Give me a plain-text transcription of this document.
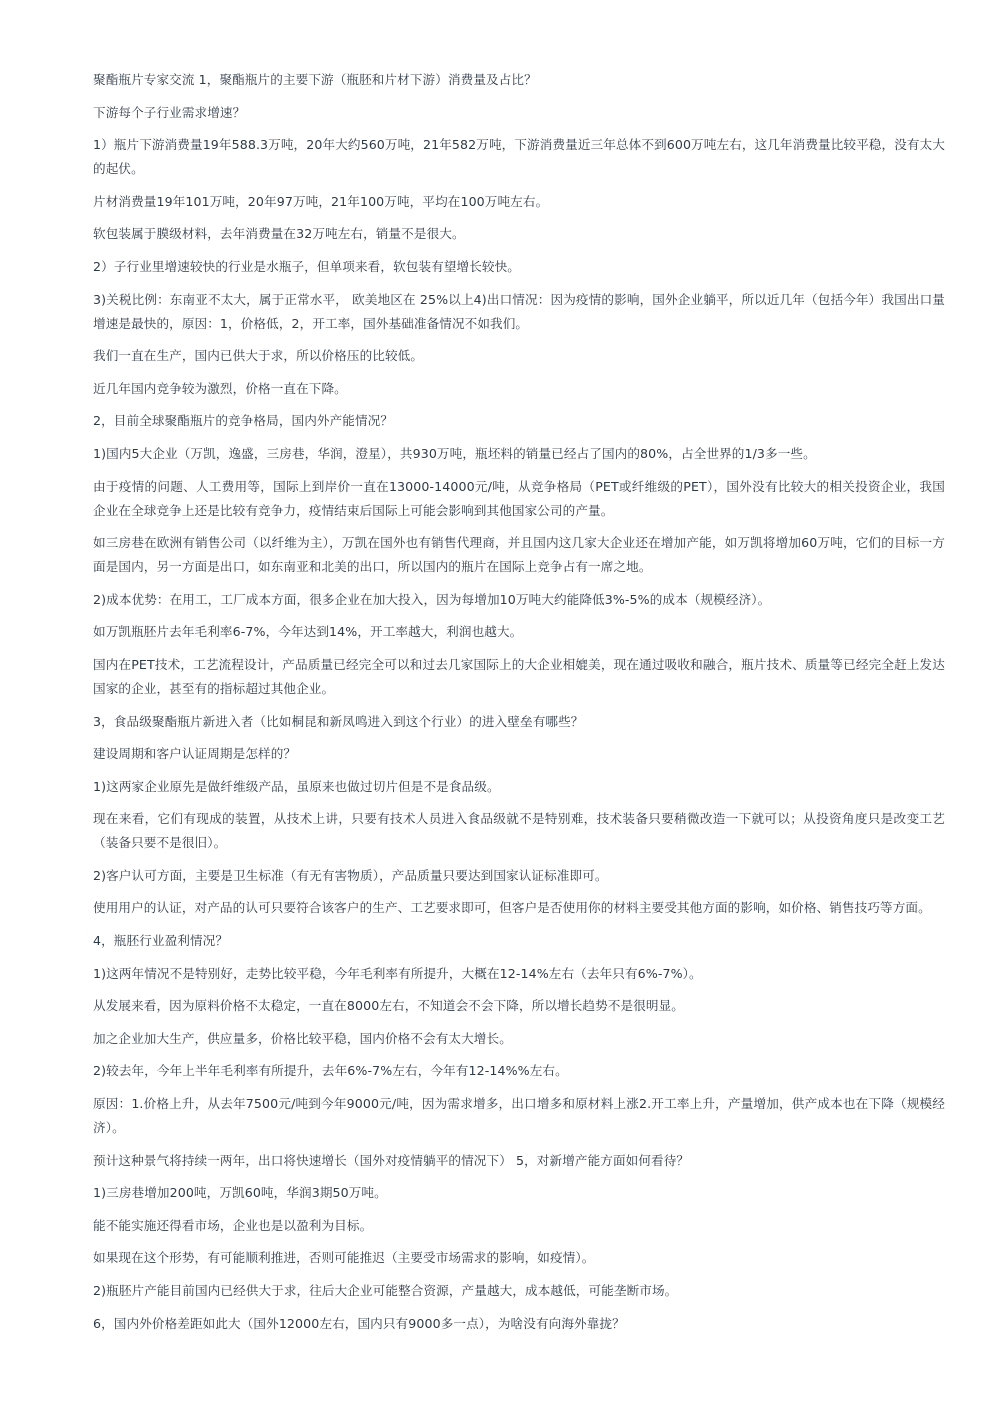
聚酯瓶片专家交流 1，聚酯瓶片的主要下游（瓶胚和片材下游）消费量及占比？

下游每个子行业需求增速？

1）瓶片下游消费量19年588.3万吨，20年大约560万吨，21年582万吨，下游消费量近三年总体不到600万吨左右，这几年消费量比较平稳，没有太大的起伏。

片材消费量19年101万吨，20年97万吨，21年100万吨，平均在100万吨左右。

软包装属于膜级材料，去年消费量在32万吨左右，销量不是很大。

2）子行业里增速较快的行业是水瓶子，但单项来看，软包装有望增长较快。

3)关税比例：东南亚不太大，属于正常水平， 欧美地区在 25%以上4)出口情况：因为疫情的影响，国外企业躺平，所以近几年（包括今年）我国出口量增速是最快的，原因：1，价格低，2，开工率，国外基础准备情况不如我们。

我们一直在生产，国内已供大于求，所以价格压的比较低。

近几年国内竞争较为激烈，价格一直在下降。

2，目前全球聚酯瓶片的竞争格局，国内外产能情况？

1)国内5大企业（万凯，逸盛，三房巷，华润，澄星），共930万吨，瓶坯料的销量已经占了国内的80%，占全世界的1/3多一些。

由于疫情的问题、人工费用等，国际上到岸价一直在13000-14000元/吨，从竞争格局（PET或纤维级的PET），国外没有比较大的相关投资企业，我国企业在全球竞争上还是比较有竞争力，疫情结束后国际上可能会影响到其他国家公司的产量。

如三房巷在欧洲有销售公司（以纤维为主），万凯在国外也有销售代理商，并且国内这几家大企业还在增加产能，如万凯将增加60万吨，它们的目标一方面是国内，另一方面是出口，如东南亚和北美的出口，所以国内的瓶片在国际上竞争占有一席之地。

2)成本优势：在用工，工厂成本方面，很多企业在加大投入，因为每增加10万吨大约能降低3%-5%的成本（规模经济）。

如万凯瓶胚片去年毛利率6-7%，今年达到14%，开工率越大，利润也越大。

国内在PET技术，工艺流程设计，产品质量已经完全可以和过去几家国际上的大企业相媲美，现在通过吸收和融合，瓶片技术、质量等已经完全赶上发达国家的企业，甚至有的指标超过其他企业。

3，食品级聚酯瓶片新进入者（比如桐昆和新凤鸣进入到这个行业）的进入壁垒有哪些？

建设周期和客户认证周期是怎样的？

1)这两家企业原先是做纤维级产品，虽原来也做过切片但是不是食品级。

现在来看，它们有现成的装置，从技术上讲，只要有技术人员进入食品级就不是特别难，技术装备只要稍微改造一下就可以；从投资角度只是改变工艺（装备只要不是很旧）。

2)客户认可方面，主要是卫生标准（有无有害物质），产品质量只要达到国家认证标准即可。

使用用户的认证，对产品的认可只要符合该客户的生产、工艺要求即可，但客户是否使用你的材料主要受其他方面的影响，如价格、销售技巧等方面。

4，瓶胚行业盈利情况？

1)这两年情况不是特别好，走势比较平稳，今年毛利率有所提升，大概在12-14%左右（去年只有6%-7%）。

从发展来看，因为原料价格不太稳定，一直在8000左右，不知道会不会下降，所以增长趋势不是很明显。

加之企业加大生产，供应量多，价格比较平稳，国内价格不会有太大增长。

2)较去年，今年上半年毛利率有所提升，去年6%-7%左右，今年有12-14%%左右。

原因：1.价格上升，从去年7500元/吨到今年9000元/吨，因为需求增多，出口增多和原材料上涨2.开工率上升，产量增加，供产成本也在下降（规模经济）。

预计这种景气将持续一两年，出口将快速增长（国外对疫情躺平的情况下） 5，对新增产能方面如何看待？

1)三房巷增加200吨，万凯60吨，华润3期50万吨。

能不能实施还得看市场，企业也是以盈利为目标。

如果现在这个形势，有可能顺利推进，否则可能推迟（主要受市场需求的影响，如疫情）。

2)瓶胚片产能目前国内已经供大于求，往后大企业可能整合资源，产量越大，成本越低，可能垄断市场。

6，国内外价格差距如此大（国外12000左右，国内只有9000多一点），为啥没有向海外靠拢？
